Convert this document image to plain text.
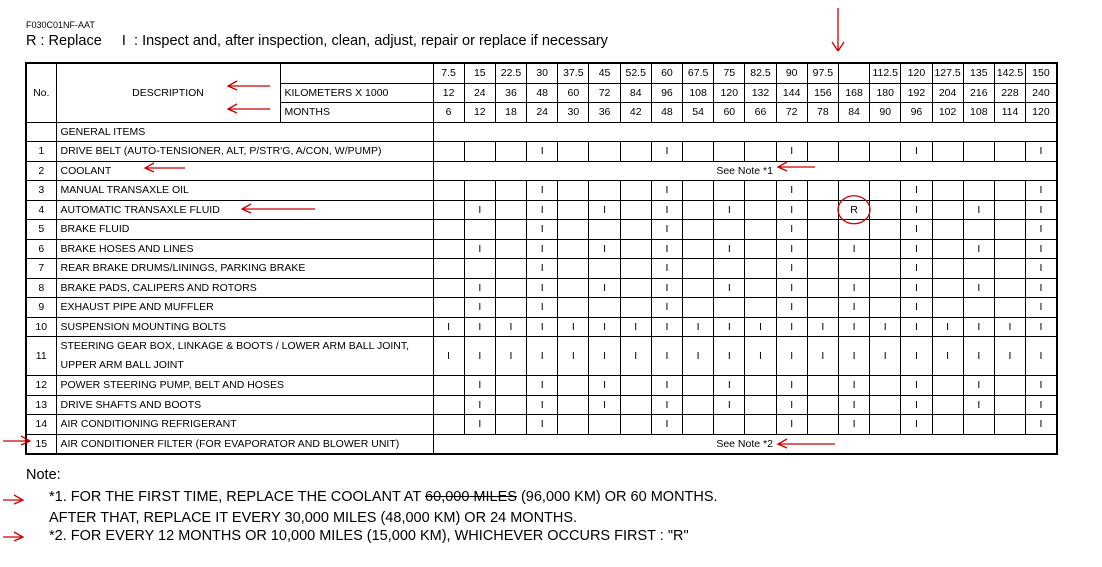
F030C01NF-AAT
R : Replace I  : Inspect and, after inspection, clean, adjust, repair or replace if necessary
No.	DESCRIPTION		7.5	15	22.5	30	37.5	45	52.5	60	67.5	75	82.5	90	97.5		112.5	120	127.5	135	142.5	150
		KILOMETERS X 1000	12	24	36	48	60	72	84	96	108	120	132	144	156	168	180	192	204	216	228	240
		MONTHS	6	12	18	24	30	36	42	48	54	60	66	72	78	84	90	96	102	108	114	120
	GENERAL ITEMS																					
1	DRIVE BELT (AUTO-TENSIONER, ALT, P/STR'G, A/CON, W/PUMP)					I				I				I				I				I
2	COOLANT		See Note *1																			
3	MANUAL TRANSAXLE OIL					I				I				I				I				I
4	AUTOMATIC TRANSAXLE FLUID			I		I		I		I		I		I		R		I		I		I
5	BRAKE FLUID					I				I				I				I				I
6	BRAKE HOSES AND LINES			I		I		I		I		I		I		I		I		I		I
7	REAR BRAKE DRUMS/LININGS, PARKING BRAKE					I				I				I				I				I
8	BRAKE PADS, CALIPERS AND ROTORS			I		I		I		I		I		I		I		I		I		I
9	EXHAUST PIPE AND MUFFLER			I		I				I				I		I		I				I
10	SUSPENSION MOUNTING BOLTS		I	I	I	I	I	I	I	I	I	I	I	I	I	I	I	I	I	I	I	I
11	STEERING GEAR BOX, LINKAGE & BOOTS / LOWER ARM BALL JOINT, UPPER ARM BALL JOINT		I	I	I	I	I	I	I	I	I	I	I	I	I	I	I	I	I	I	I	I
12	POWER STEERING PUMP, BELT AND HOSES			I		I		I		I		I		I		I		I		I		I
13	DRIVE SHAFTS AND BOOTS			I		I		I		I		I		I		I		I		I		I
14	AIR CONDITIONING REFRIGERANT			I		I				I				I		I		I				I
15	AIR CONDITIONER FILTER (FOR EVAPORATOR AND BLOWER UNIT)		See Note *2																			
Note:
*1. FOR THE FIRST TIME, REPLACE THE COOLANT AT 60,000 MILES (96,000 KM) OR 60 MONTHS.
AFTER THAT, REPLACE IT EVERY 30,000 MILES (48,000 KM) OR 24 MONTHS.
*2. FOR EVERY 12 MONTHS OR 10,000 MILES (15,000 KM), WHICHEVER OCCURS FIRST : "R"
